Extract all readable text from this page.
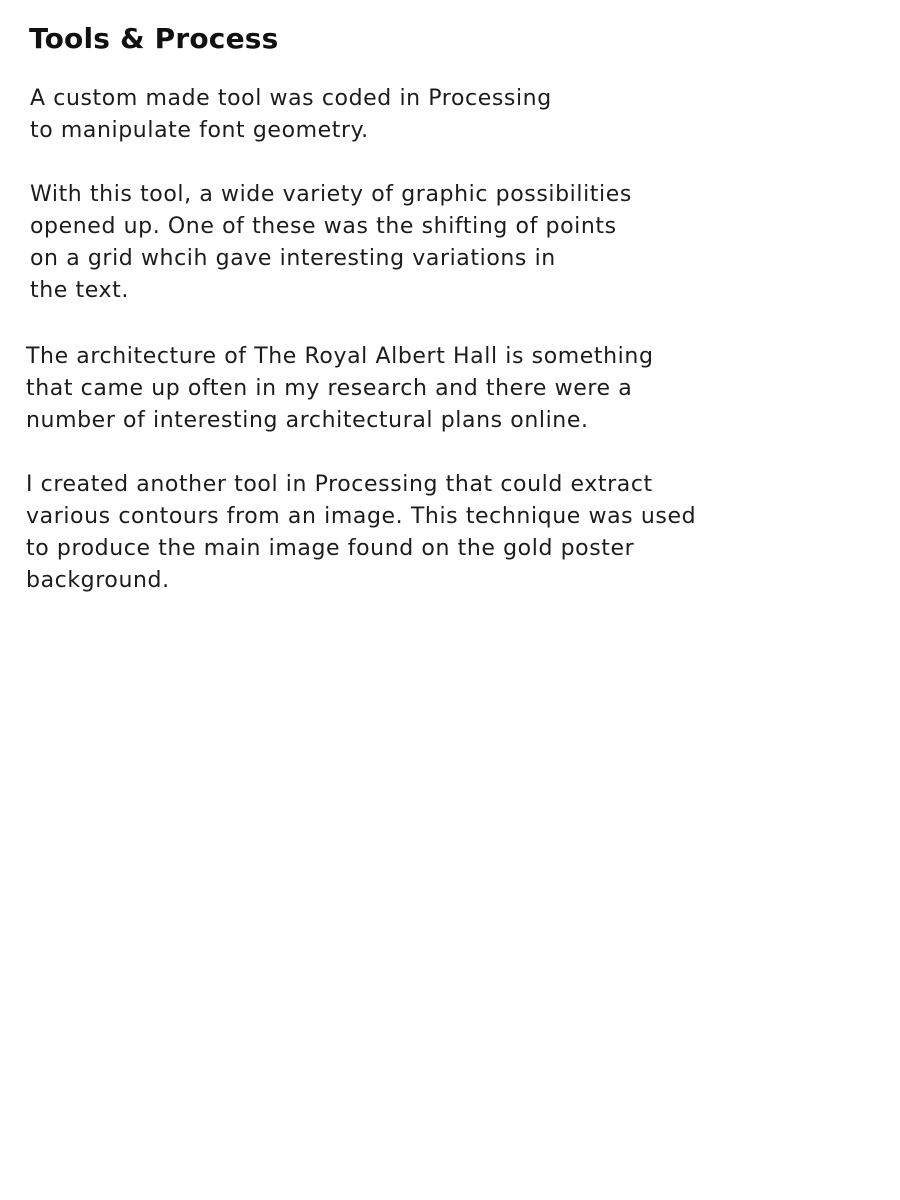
Tools & Process

A custom made tool was coded in Processing
to manipulate font geometry.

With this tool, a wide variety of graphic possibilities
opened up. One of these was the shifting of points
on a grid whcih gave interesting variations in
the text.

The architecture of The Royal Albert Hall is something
that came up often in my research and there were a
number of interesting architectural plans online.

I created another tool in Processing that could extract
various contours from an image. This technique was used
to produce the main image found on the gold poster
background.
